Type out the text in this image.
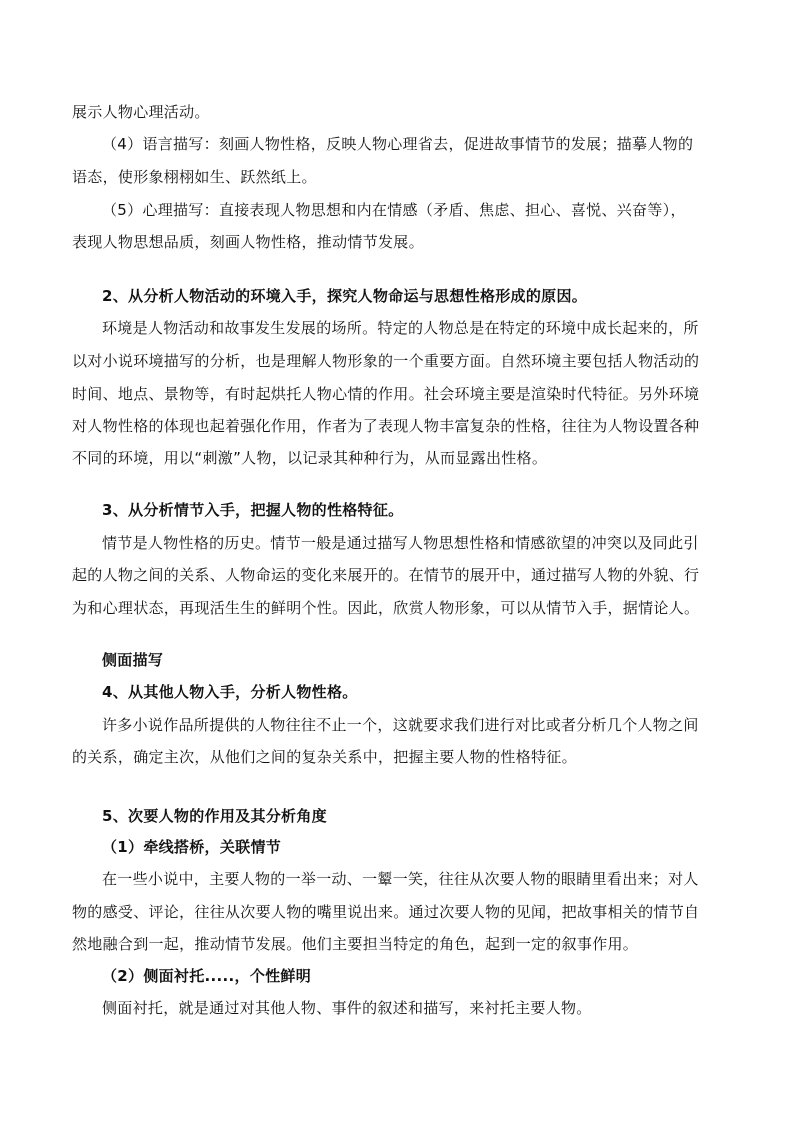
展示人物心理活动。
（4）语言描写：刻画人物性格，反映人物心理省去，促进故事情节的发展；描摹人物的
语态，使形象栩栩如生、跃然纸上。
（5）心理描写：直接表现人物思想和内在情感（矛盾、焦虑、担心、喜悦、兴奋等），
表现人物思想品质，刻画人物性格，推动情节发展。
2、从分析人物活动的环境入手，探究人物命运与思想性格形成的原因。
环境是人物活动和故事发生发展的场所。特定的人物总是在特定的环境中成长起来的，所
以对小说环境描写的分析，也是理解人物形象的一个重要方面。自然环境主要包括人物活动的
时间、地点、景物等，有时起烘托人物心情的作用。社会环境主要是渲染时代特征。另外环境
对人物性格的体现也起着强化作用，作者为了表现人物丰富复杂的性格，往往为人物设置各种
不同的环境，用以“刺激”人物，以记录其种种行为，从而显露出性格。
3、从分析情节入手，把握人物的性格特征。
情节是人物性格的历史。情节一般是通过描写人物思想性格和情感欲望的冲突以及同此引
起的人物之间的关系、人物命运的变化来展开的。在情节的展开中，通过描写人物的外貌、行
为和心理状态，再现活生生的鲜明个性。因此，欣赏人物形象，可以从情节入手，据情论人。
侧面描写
4、从其他人物入手，分析人物性格。
许多小说作品所提供的人物往往不止一个，这就要求我们进行对比或者分析几个人物之间
的关系，确定主次，从他们之间的复杂关系中，把握主要人物的性格特征。
5、次要人物的作用及其分析角度
（1）牵线搭桥，关联情节
在一些小说中，主要人物的一举一动、一颦一笑，往往从次要人物的眼睛里看出来；对人
物的感受、评论，往往从次要人物的嘴里说出来。通过次要人物的见闻，把故事相关的情节自
然地融合到一起，推动情节发展。他们主要担当特定的角色，起到一定的叙事作用。
（2）侧面衬托.....，个性鲜明
侧面衬托，就是通过对其他人物、事件的叙述和描写，来衬托主要人物。
